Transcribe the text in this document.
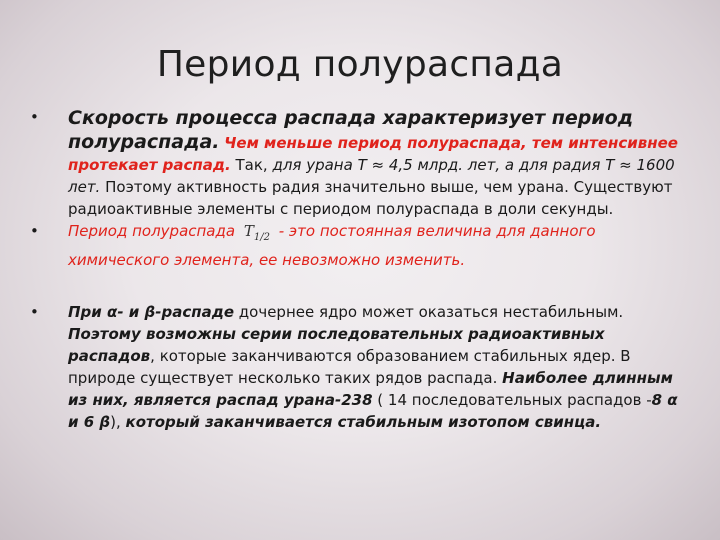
Период полураспада
• Скорость процесса распада характеризует период полураспада. Чем меньше период полураспада, тем интенсивнее протекает распад. Так, для урана Т ≈ 4,5 млрд. лет, а для радия Т ≈ 1600 лет. Поэтому активность радия значительно выше, чем урана. Существуют радиоактивные элементы с периодом полураспада в доли секунды.
• Период полураспада $T_{1/2}$ - это постоянная величина для данного химического элемента, ее невозможно изменить.
• При α- и β-распаде дочернее ядро может оказаться нестабильным. Поэтому возможны серии последовательных радиоактивных распадов, которые заканчиваются образованием стабильных ядер. В природе существует несколько таких рядов распада. Наиболее длинным из них, является распад урана-238 ( 14 последовательных распадов -8 α и 6 β), который заканчивается стабильным изотопом свинца.
